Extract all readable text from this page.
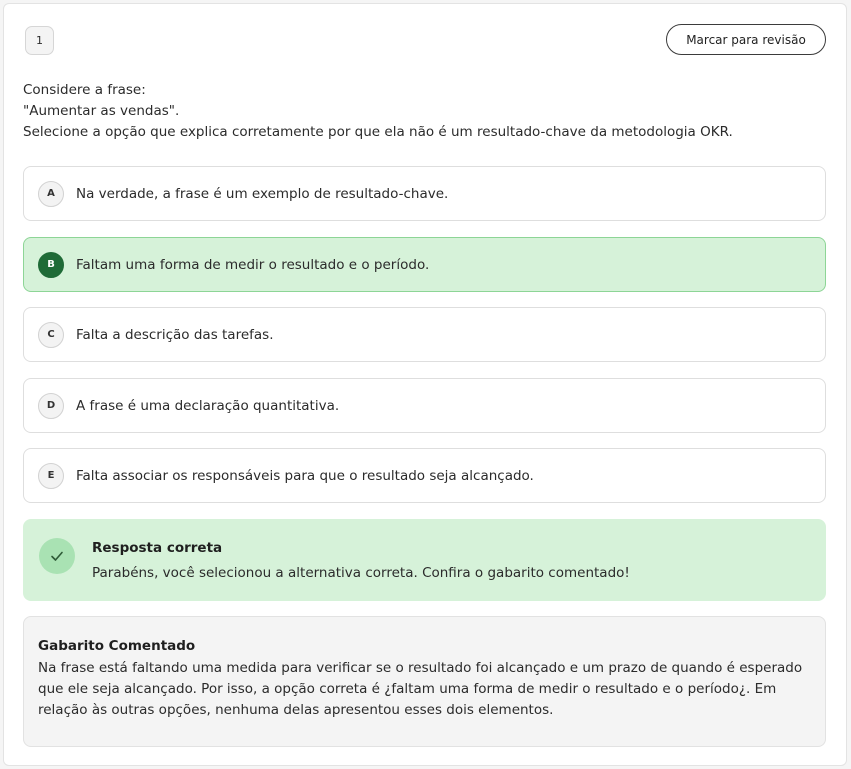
1	Marcar para revisão
Considere a frase:
"Aumentar as vendas".
Selecione a opção que explica corretamente por que ela não é um resultado-chave da metodologia OKR.
A	Na verdade, a frase é um exemplo de resultado-chave.
B	Faltam uma forma de medir o resultado e o período.
C	Falta a descrição das tarefas.
D	A frase é uma declaração quantitativa.
E	Falta associar os responsáveis para que o resultado seja alcançado.
Resposta correta
Parabéns, você selecionou a alternativa correta. Confira o gabarito comentado!
Gabarito Comentado
Na frase está faltando uma medida para verificar se o resultado foi alcançado e um prazo de quando é esperado que ele seja alcançado. Por isso, a opção correta é ¿faltam uma forma de medir o resultado e o período¿. Em relação às outras opções, nenhuma delas apresentou esses dois elementos.
